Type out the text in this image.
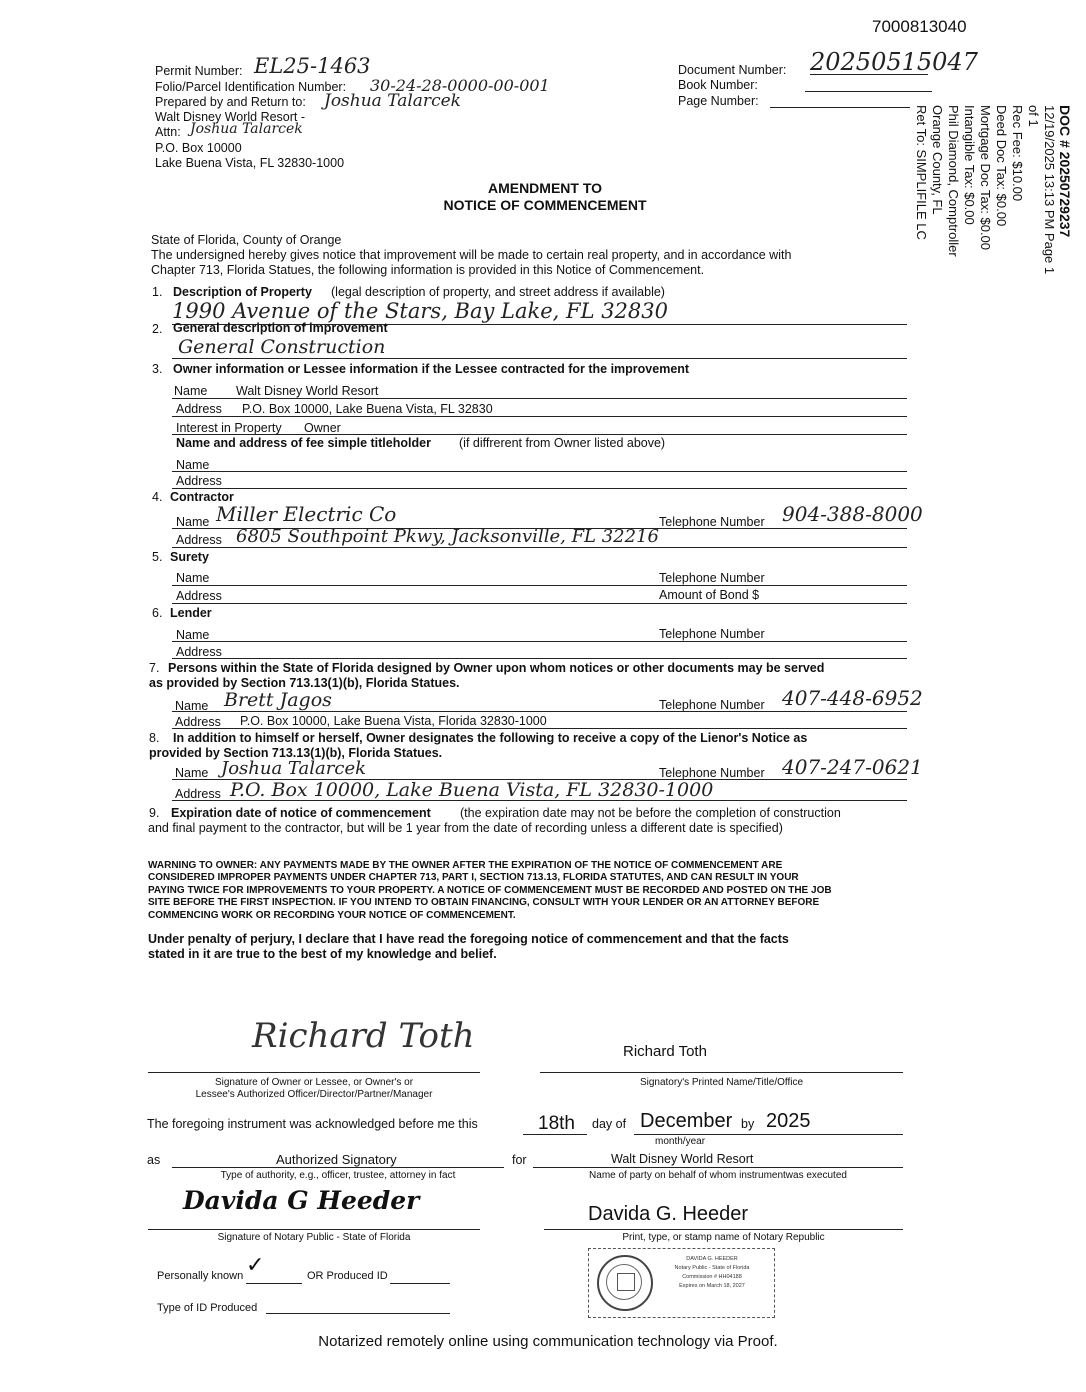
7000813040
Permit Number: EL25-1463
Folio/Parcel Identification Number: 30-24-28-0000-00-001
Prepared by and Return to: Joshua Talarcek
Walt Disney World Resort -
Attn: Joshua Talarcek
P.O. Box 10000
Lake Buena Vista, FL 32830-1000
Document Number: 20250515047
Book Number:
Page Number:
DOC # 20250729237
12/19/2025 13:13 PM Page 1
of 1
Rec Fee: $10.00
Deed Doc Tax: $0.00
Mortgage Doc Tax: $0.00
Intangible Tax: $0.00
Phil Diamond, Comptroller
Orange County, FL
Ret To: SIMPLIFILE LC
AMENDMENT TO
NOTICE OF COMMENCEMENT
State of Florida, County of Orange
The undersigned hereby gives notice that improvement will be made to certain real property, and in accordance with
Chapter 713, Florida Statues, the following information is provided in this Notice of Commencement.
1. Description of Property (legal description of property, and street address if available)
1990 Avenue of the Stars, Bay Lake, FL 32830
2. General description of improvement
General Construction
3. Owner information or Lessee information if the Lessee contracted for the improvement
Name Walt Disney World Resort
Address P.O. Box 10000, Lake Buena Vista, FL 32830
Interest in Property Owner
Name and address of fee simple titleholder (if diffrerent from Owner listed above)
Name
Address
4. Contractor
Name Miller Electric Co	Telephone Number 904-388-8000
Address 6805 Southpoint Pkwy, Jacksonville, FL 32216
5. Surety
Name	Telephone Number
Address	Amount of Bond $
6. Lender
Name	Telephone Number
Address
7. Persons within the State of Florida designed by Owner upon whom notices or other documents may be served
as provided by Section 713.13(1)(b), Florida Statues.
Name Brett Jagos	Telephone Number 407-448-6952
Address P.O. Box 10000, Lake Buena Vista, Florida 32830-1000
8. In addition to himself or herself, Owner designates the following to receive a copy of the Lienor's Notice as
provided by Section 713.13(1)(b), Florida Statues.
Name Joshua Talarcek	Telephone Number 407-247-0621
Address P.O. Box 10000, Lake Buena Vista, FL 32830-1000
9. Expiration date of notice of commencement (the expiration date may not be before the completion of construction
and final payment to the contractor, but will be 1 year from the date of recording unless a different date is specified)
WARNING TO OWNER: ANY PAYMENTS MADE BY THE OWNER AFTER THE EXPIRATION OF THE NOTICE OF COMMENCEMENT ARE
CONSIDERED IMPROPER PAYMENTS UNDER CHAPTER 713, PART I, SECTION 713.13, FLORIDA STATUTES, AND CAN RESULT IN YOUR
PAYING TWICE FOR IMPROVEMENTS TO YOUR PROPERTY. A NOTICE OF COMMENCEMENT MUST BE RECORDED AND POSTED ON THE JOB
SITE BEFORE THE FIRST INSPECTION. IF YOU INTEND TO OBTAIN FINANCING, CONSULT WITH YOUR LENDER OR AN ATTORNEY BEFORE
COMMENCING WORK OR RECORDING YOUR NOTICE OF COMMENCEMENT.
Under penalty of perjury, I declare that I have read the foregoing notice of commencement and that the facts
stated in it are true to the best of my knowledge and belief.
Richard Toth
Signature of Owner or Lessee, or Owner's or
Lessee's Authorized Officer/Director/Partner/Manager
Richard Toth
Signatory's Printed Name/Title/Office
The foregoing instrument was acknowledged before me this	18th day of December by 2025
month/year
as	Authorized Signatory
Type of authority, e.g., officer, trustee, attorney in fact
for	Walt Disney World Resort
Name of party on behalf of whom instrumentwas executed
Davida G Heeder
Signature of Notary Public - State of Florida
Davida G. Heeder
Print, type, or stamp name of Notary Republic
Personally known ✓	OR Produced ID
Type of ID Produced
DAVIDA G. HEEDER
Notary Public - State of Florida
Commission # HH04188
Expires on March 18, 2027
Notarized remotely online using communication technology via Proof.
